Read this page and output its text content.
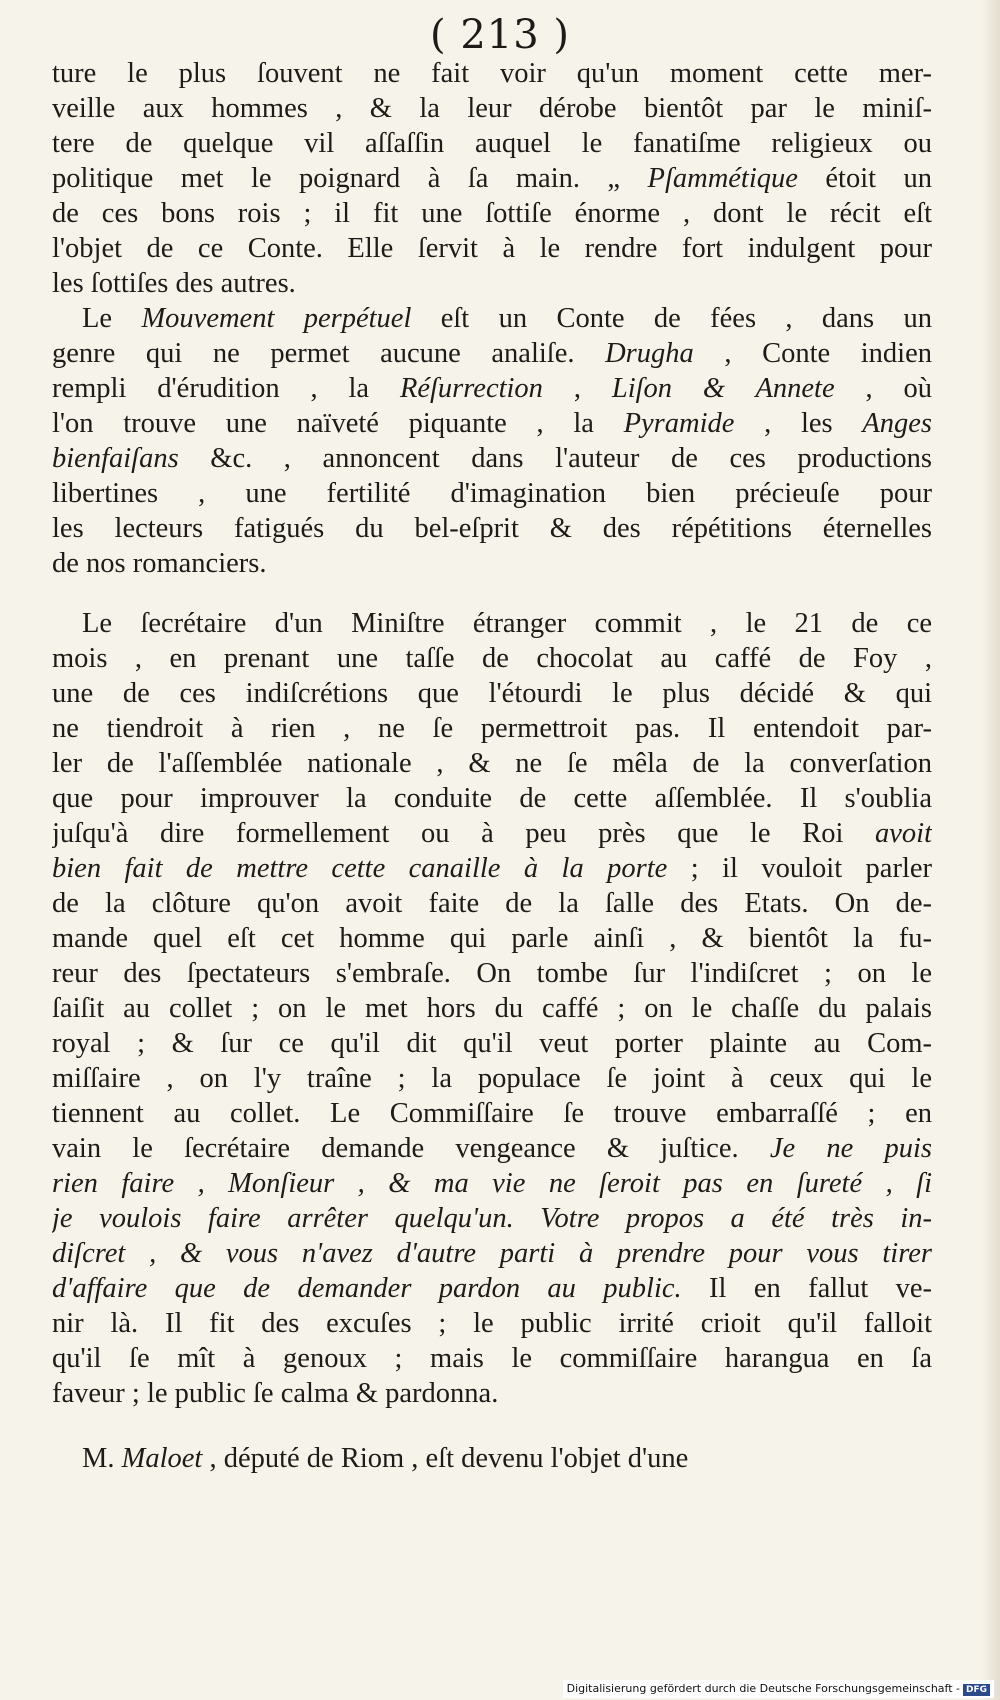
( 213 )
ture le plus ſouvent ne fait voir qu'un moment cette mer-
veille aux hommes , & la leur dérobe bientôt par le miniſ-
tere de quelque vil aſſaſſin auquel le fanatiſme religieux ou
politique met le poignard à ſa main. „ Pſammétique étoit un
de ces bons rois ; il fit une ſottiſe énorme , dont le récit eſt
l'objet de ce Conte. Elle ſervit à le rendre fort indulgent pour
les ſottiſes des autres.
Le Mouvement perpétuel eſt un Conte de fées , dans un
genre qui ne permet aucune analiſe. Drugha , Conte indien
rempli d'érudition , la Réſurrection , Liſon & Annete , où
l'on trouve une naïveté piquante , la Pyramide , les Anges
bienfaiſans &c. , annoncent dans l'auteur de ces productions
libertines , une fertilité d'imagination bien précieuſe pour
les lecteurs fatigués du bel-eſprit & des répétitions éternelles
de nos romanciers.
Le ſecrétaire d'un Miniſtre étranger commit , le 21 de ce
mois , en prenant une taſſe de chocolat au caffé de Foy ,
une de ces indiſcrétions que l'étourdi le plus décidé & qui
ne tiendroit à rien , ne ſe permettroit pas. Il entendoit par-
ler de l'aſſemblée nationale , & ne ſe mêla de la converſation
que pour improuver la conduite de cette aſſemblée. Il s'oublia
juſqu'à dire formellement ou à peu près que le Roi avoit
bien fait de mettre cette canaille à la porte ; il vouloit parler
de la clôture qu'on avoit faite de la ſalle des Etats. On de-
mande quel eſt cet homme qui parle ainſi , & bientôt la fu-
reur des ſpectateurs s'embraſe. On tombe ſur l'indiſcret ; on le
ſaiſit au collet ; on le met hors du caffé ; on le chaſſe du palais
royal ; & ſur ce qu'il dit qu'il veut porter plainte au Com-
miſſaire , on l'y traîne ; la populace ſe joint à ceux qui le
tiennent au collet. Le Commiſſaire ſe trouve embarraſſé ; en
vain le ſecrétaire demande vengeance & juſtice. Je ne puis
rien faire , Monſieur , & ma vie ne ſeroit pas en ſureté , ſi
je voulois faire arrêter quelqu'un. Votre propos a été très in-
diſcret , & vous n'avez d'autre parti à prendre pour vous tirer
d'affaire que de demander pardon au public. Il en fallut ve-
nir là. Il fit des excuſes ; le public irrité crioit qu'il falloit
qu'il ſe mît à genoux ; mais le commiſſaire harangua en ſa
faveur ; le public ſe calma & pardonna.
M. Maloet , député de Riom , eſt devenu l'objet d'une
Digitalisierung gefördert durch die Deutsche Forschungsgemeinschaft - DFG
